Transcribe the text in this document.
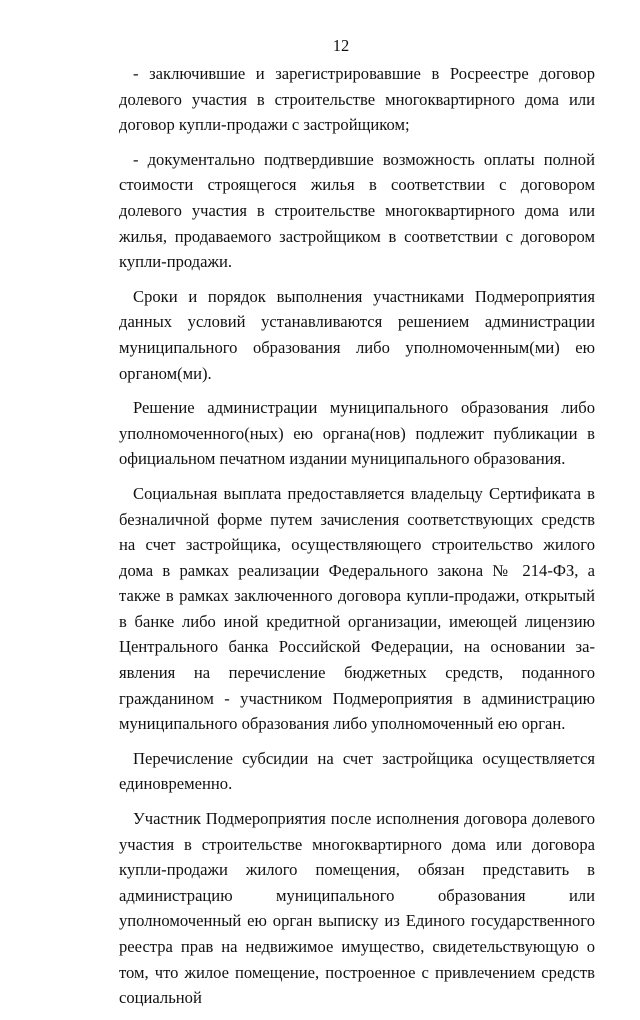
12

- заключившие и зарегистрировавшие в Росреестре договор долевого участия в строительстве многоквартирного дома или договор купли-продажи с застройщиком;

- документально подтвердившие возможность оплаты полной стоимости строящегося жилья в соответствии с договором долевого участия в строительстве многоквартирного дома или жилья, продаваемого застройщиком в соответствии с договором купли-продажи.

Сроки и порядок выполнения участниками Подмероприятия данных условий устанавливаются решением администрации муниципального образования либо уполномоченным(ми) ею органом(ми).

Решение администрации муниципального образования либо уполномоченного(ных) ею органа(нов) подлежит публикации в официальном печатном издании муниципального образования.

Социальная выплата предоставляется владельцу Сертификата в безналичной форме путем зачисления соответствующих средств на счет застройщика, осуществляющего строительство жилого дома в рамках реализации Федерального закона № 214-ФЗ, а также в рамках заключенного договора купли-продажи, открытый в банке либо иной кредитной организации, имеющей лицензию Центрального банка Российской Федерации, на основании заявления на перечисление бюджетных средств, поданного гражданином - участником Подмероприятия в администрацию муниципального образования либо уполномоченный ею орган.

Перечисление субсидии на счет застройщика осуществляется единовременно.

Участник Подмероприятия после исполнения договора долевого участия в строительстве многоквартирного дома или договора купли-продажи жилого помещения, обязан представить в администрацию муниципального образования или уполномоченный ею орган выписку из Единого государственного реестра прав на недвижимое имущество, свидетельствующую о том, что жилое помещение, построенное с привлечением средств социальной
